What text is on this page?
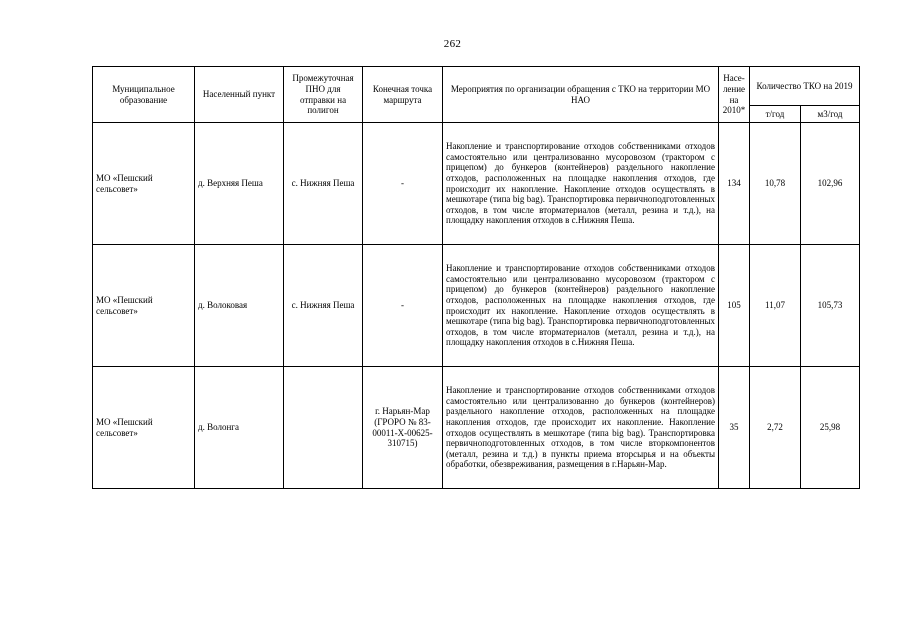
262
Муниципальное образование	Населенный пункт	Промежуточная ПНО для отправки на полигон	Конечная точка маршрута	Мероприятия по организации обращения с ТКО на территории МО НАО	Насе- ление на 2010*	Количество ТКО на 2019	
						т/год	м3/год
МО «Пешский сельсовет»	д. Верхняя Пеша	с. Нижняя Пеша	-	Накопление и транспортирование отходов собственниками отходов самостоятельно или централизованно мусоровозом (трактором с прицепом) до бункеров (контейнеров) раздельного накопление отходов, расположенных на площадке накопления отходов, где происходит их накопление. Накопление отходов осуществлять в мешкотаре (типа big bag). Транспортировка первичноподготовленных отходов, в том числе вторматериалов (металл, резина и т.д.), на площадку накопления отходов в с.Нижняя Пеша.	134	10,78	102,96
МО «Пешский сельсовет»	д. Волоковая	с. Нижняя Пеша	-	Накопление и транспортирование отходов собственниками отходов самостоятельно или централизованно мусоровозом (трактором с прицепом) до бункеров (контейнеров) раздельного накопление отходов, расположенных на площадке накопления отходов, где происходит их накопление. Накопление отходов осуществлять в мешкотаре (типа big bag). Транспортировка первичноподготовленных отходов, в том числе вторматериалов (металл, резина и т.д.), на площадку накопления отходов в с.Нижняя Пеша.	105	11,07	105,73
МО «Пешский сельсовет»	д. Волонга		г. Нарьян-Мар (ГРОРО № 83-00011-Х-00625-310715)	Накопление и транспортирование отходов собственниками отходов самостоятельно или централизованно до бункеров (контейнеров) раздельного накопление отходов, расположенных на площадке накопления отходов, где происходит их накопление. Накопление отходов осуществлять в мешкотаре (типа big bag). Транспортировка первичноподготовленных отходов, в том числе вторкомпонентов (металл, резина и т.д.) в пункты приема вторсырья и на объекты обработки, обезвреживания, размещения в г.Нарьян-Мар.	35	2,72	25,98
